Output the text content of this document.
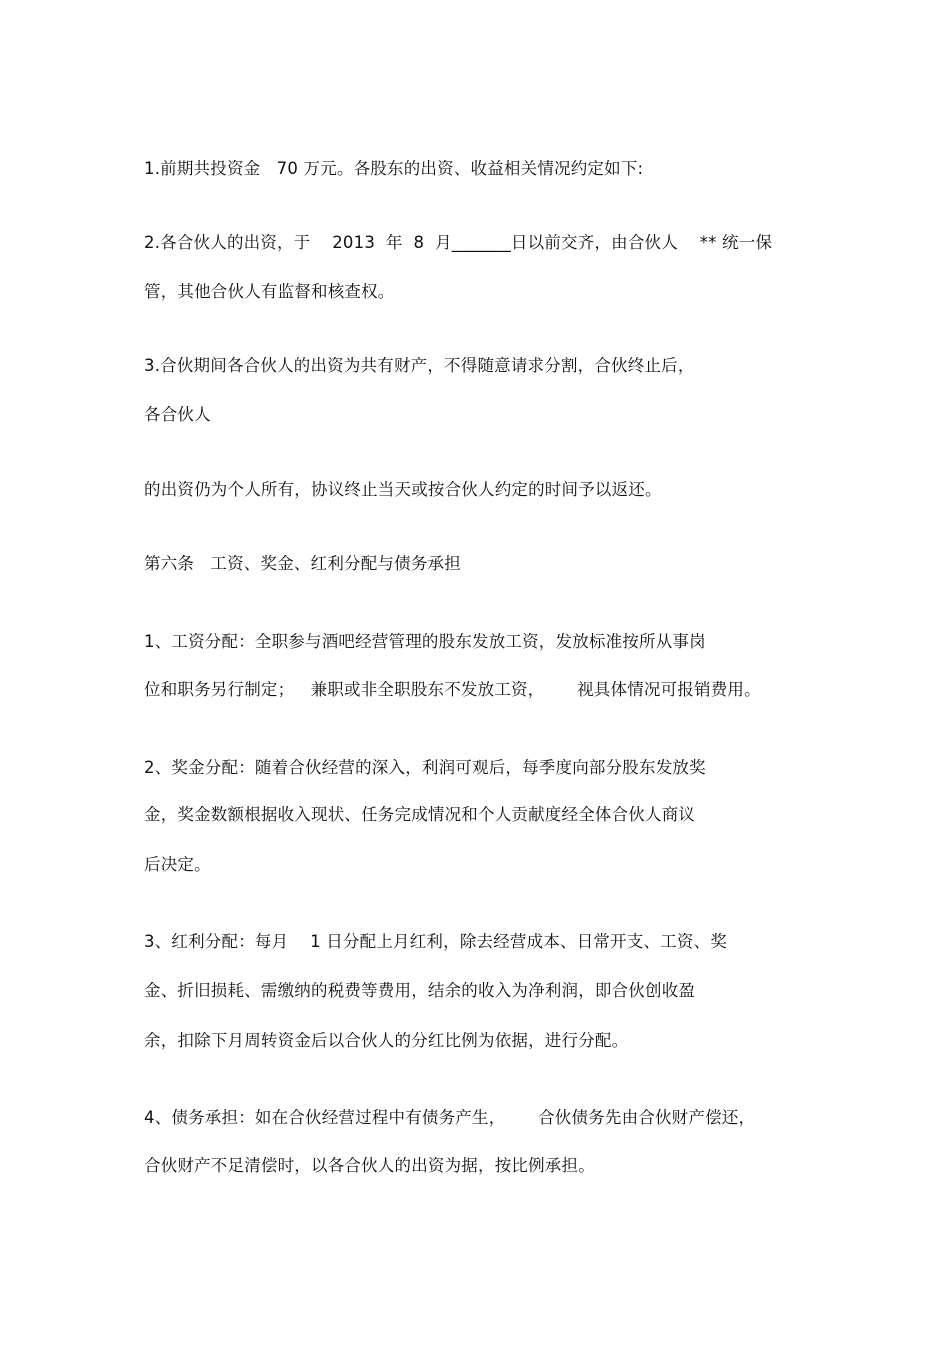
1.前期共投资金   70 万元。各股东的出资、收益相关情况约定如下:
2.各合伙人的出资，于    2013  年  8  月_______日以前交齐，由合伙人    ** 统一保
管，其他合伙人有监督和核查权。
3.合伙期间各合伙人的出资为共有财产，不得随意请求分割，合伙终止后，
各合伙人
的出资仍为个人所有，协议终止当天或按合伙人约定的时间予以返还。
第六条   工资、奖金、红利分配与债务承担
1、工资分配：全职参与酒吧经营管理的股东发放工资，发放标准按所从事岗
位和职务另行制定；   兼职或非全职股东不发放工资，      视具体情况可报销费用。
2、奖金分配：随着合伙经营的深入，利润可观后，每季度向部分股东发放奖
金，奖金数额根据收入现状、任务完成情况和个人贡献度经全体合伙人商议
后决定。
3、红利分配：每月    1 日分配上月红利，除去经营成本、日常开支、工资、奖
金、折旧损耗、需缴纳的税费等费用，结余的收入为净利润，即合伙创收盈
余，扣除下月周转资金后以合伙人的分红比例为依据，进行分配。
4、债务承担：如在合伙经营过程中有债务产生，      合伙债务先由合伙财产偿还，
合伙财产不足清偿时，以各合伙人的出资为据，按比例承担。
